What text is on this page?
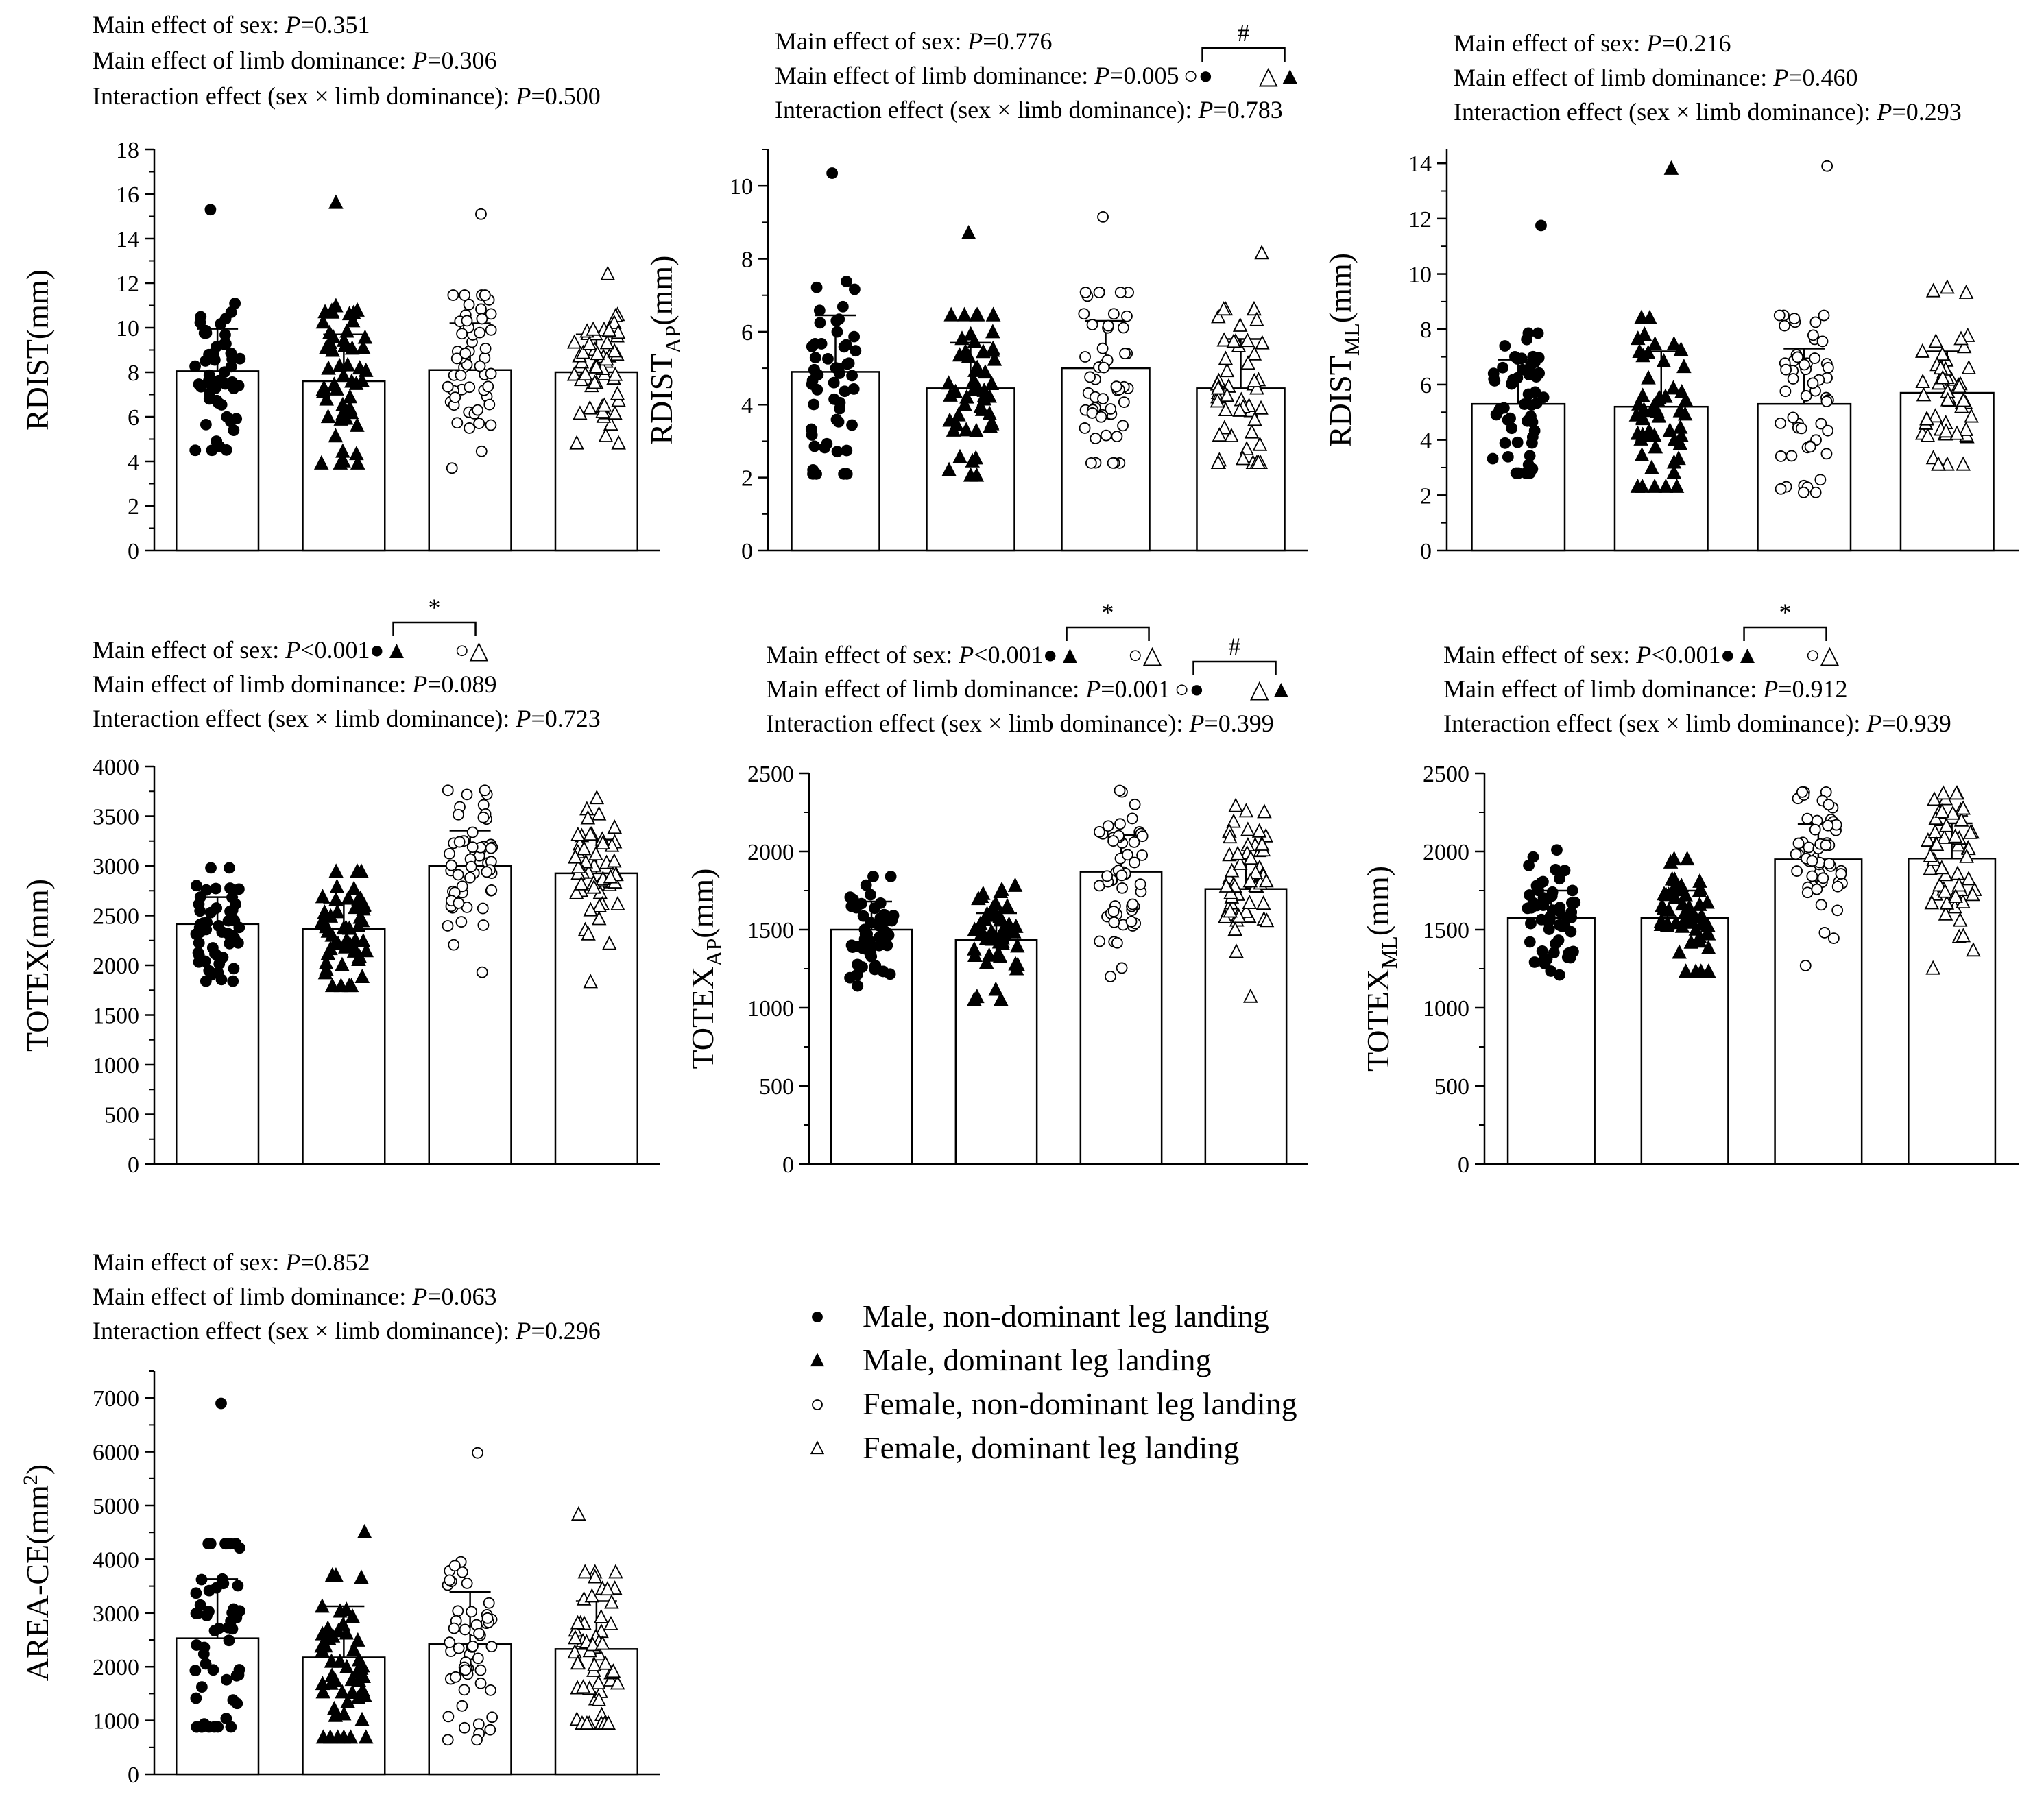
0
2
4
6
8
10
12
14
16
18
RDIST(mm)
Main effect of sex: P=0.351
Main effect of limb dominance: P=0.306
Interaction effect (sex × limb dominance): P=0.500
0
2
4
6
8
10
$RDIST_{AP}(mm)$
Main effect of sex: P=0.776
Main effect of limb dominance: P=0.005
Interaction effect (sex × limb dominance): P=0.783
○● △▲
#
0
2
4
6
8
10
12
14
$RDIST_{ML}(mm)$
Main effect of sex: P=0.216
Main effect of limb dominance: P=0.460
Interaction effect (sex × limb dominance): P=0.293
0
500
1000
1500
2000
2500
3000
3500
4000
TOTEX(mm)
Main effect of sex: P<0.001
Main effect of limb dominance: P=0.089
Interaction effect (sex × limb dominance): P=0.723
●▲ ○△
*
0
500
1000
1500
2000
2500
$TOTEX_{AP}(mm)$
Main effect of sex: P<0.001
Main effect of limb dominance: P=0.001
Interaction effect (sex × limb dominance): P=0.399
●▲ ○△
*
○● △▲
#
0
500
1000
1500
2000
2500
$TOTEX_{ML}(mm)$
Main effect of sex: P<0.001
Main effect of limb dominance: P=0.912
Interaction effect (sex × limb dominance): P=0.939
●▲ ○△
*
0
1000
2000
3000
4000
5000
6000
7000
AREA-$CE(mm^2)$
Main effect of sex: P=0.852
Main effect of limb dominance: P=0.063
Interaction effect (sex × limb dominance): P=0.296	Male, non-dominant leg landing
Male, dominant leg landing
Female, non-dominant leg landing
Female, dominant leg landing
